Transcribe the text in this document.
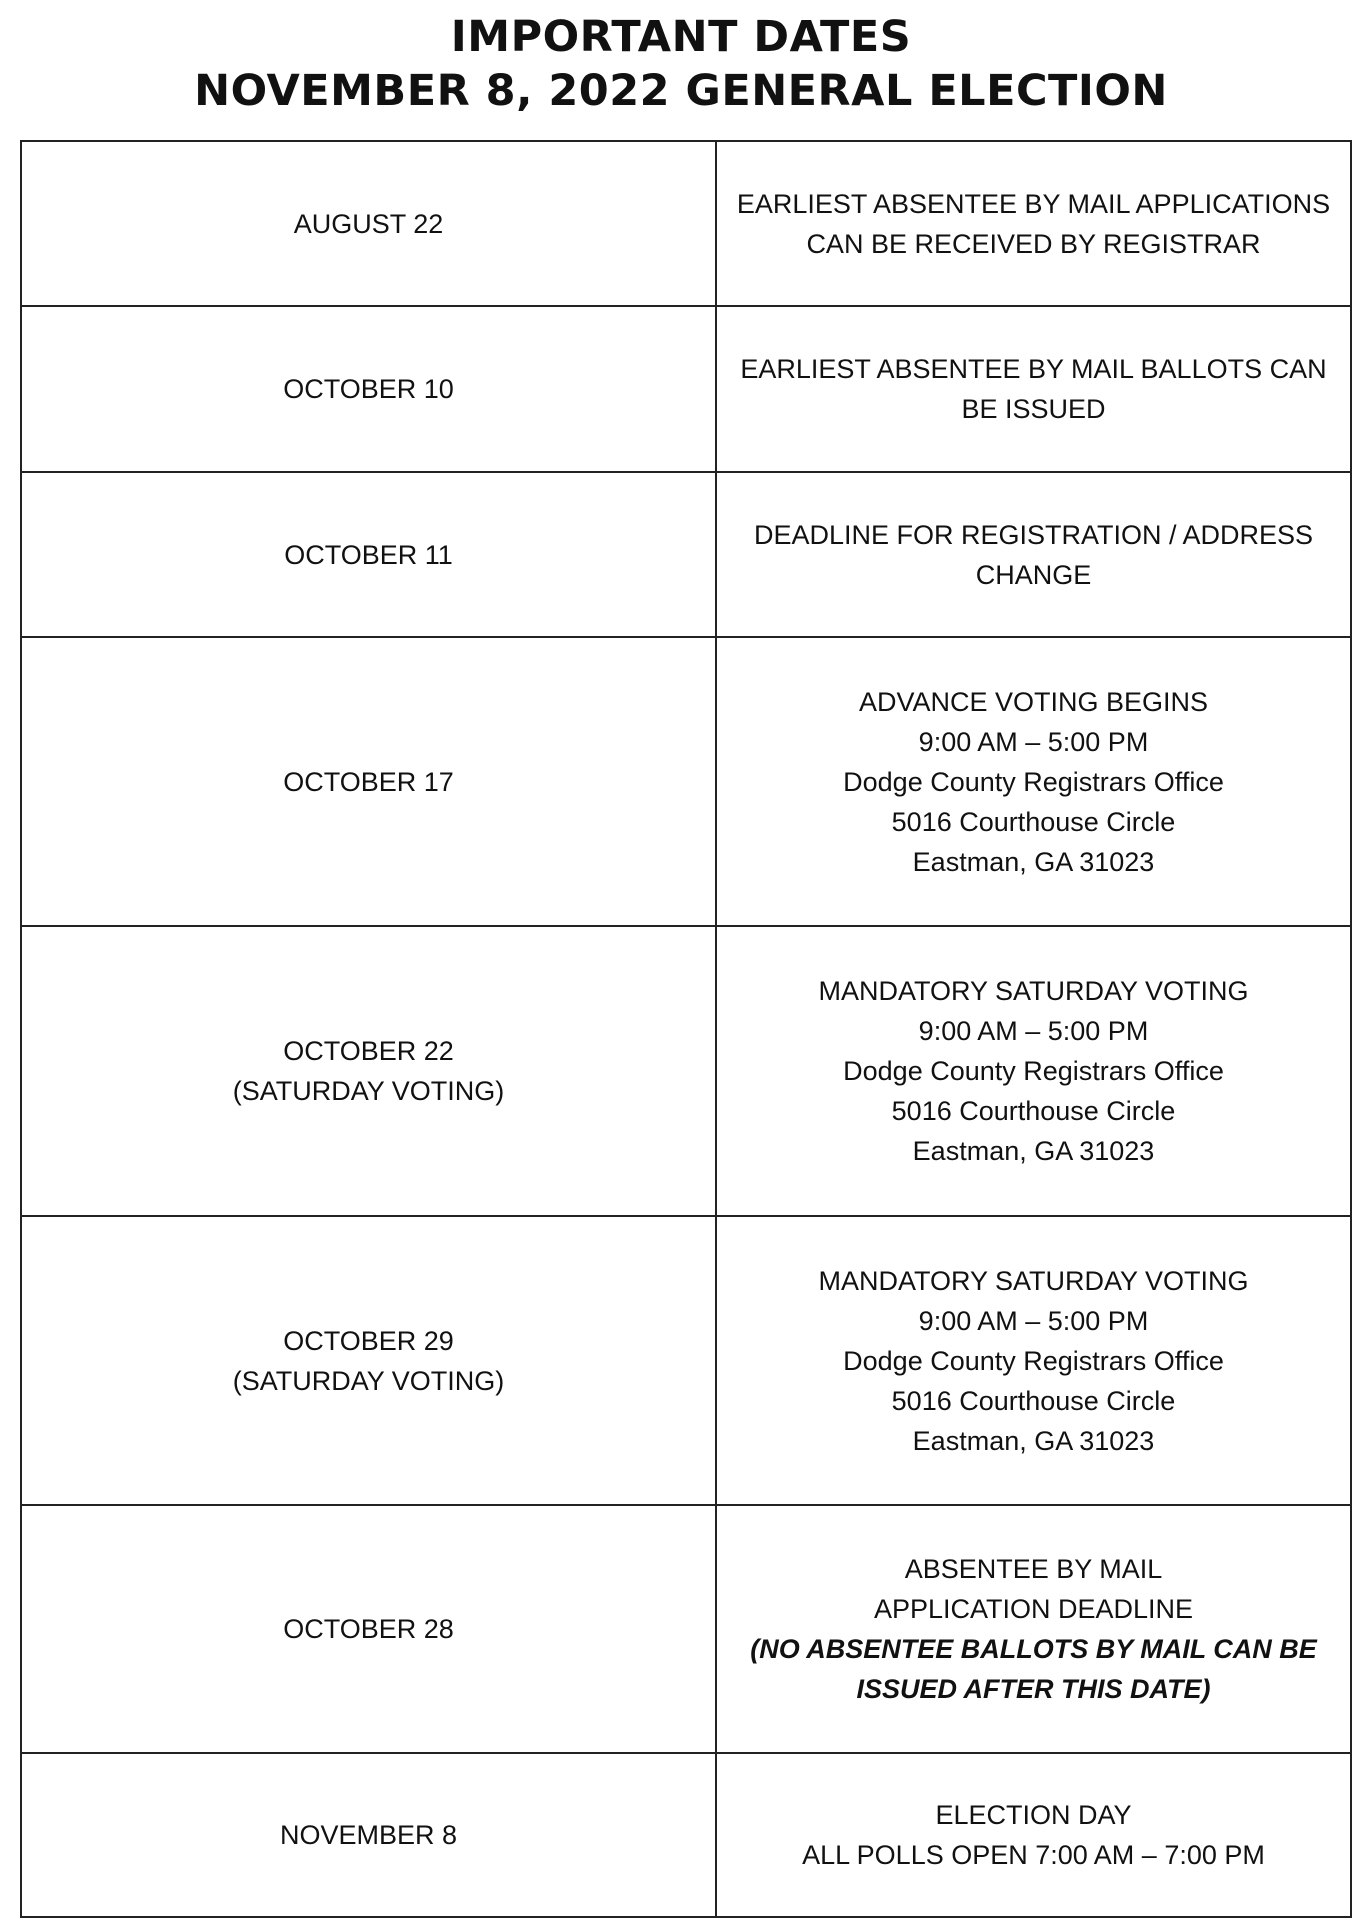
IMPORTANT DATES
NOVEMBER 8, 2022 GENERAL ELECTION
AUGUST 22	EARLIEST ABSENTEE BY MAIL APPLICATIONS
CAN BE RECEIVED BY REGISTRAR

OCTOBER 10	EARLIEST ABSENTEE BY MAIL BALLOTS CAN
BE ISSUED

OCTOBER 11	DEADLINE FOR REGISTRATION / ADDRESS
CHANGE

OCTOBER 17	ADVANCE VOTING BEGINS
9:00 AM – 5:00 PM
Dodge County Registrars Office
5016 Courthouse Circle
Eastman, GA 31023

OCTOBER 22
(SATURDAY VOTING)	MANDATORY SATURDAY VOTING
9:00 AM – 5:00 PM
Dodge County Registrars Office
5016 Courthouse Circle
Eastman, GA 31023

OCTOBER 29
(SATURDAY VOTING)	MANDATORY SATURDAY VOTING
9:00 AM – 5:00 PM
Dodge County Registrars Office
5016 Courthouse Circle
Eastman, GA 31023

OCTOBER 28	ABSENTEE BY MAIL
APPLICATION DEADLINE
(NO ABSENTEE BALLOTS BY MAIL CAN BE
ISSUED AFTER THIS DATE)

NOVEMBER 8	ELECTION DAY
ALL POLLS OPEN 7:00 AM – 7:00 PM
